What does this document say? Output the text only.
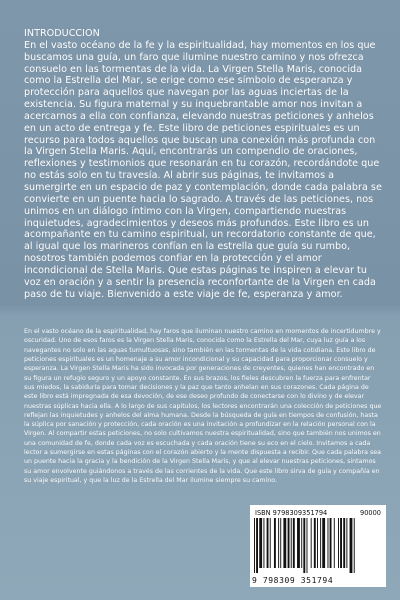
INTRODUCCION
En el vasto océano de la fe y la espiritualidad, hay momentos en los que buscamos una guía, un faro que ilumine nuestro camino y nos ofrezca consuelo en las tormentas de la vida. La Virgen Stella Maris, conocida como la Estrella del Mar, se erige como ese símbolo de esperanza y protección para aquellos que navegan por las aguas inciertas de la existencia. Su figura maternal y su inquebrantable amor nos invitan a acercarnos a ella con confianza, elevando nuestras peticiones y anhelos en un acto de entrega y fe. Este libro de peticiones espirituales es un recurso para todos aquellos que buscan una conexión más profunda con la Virgen Stella Maris. Aquí, encontrarás un compendio de oraciones, reflexiones y testimonios que resonarán en tu corazón, recordándote que no estás solo en tu travesía. Al abrir sus páginas, te invitamos a sumergirte en un espacio de paz y contemplación, donde cada palabra se convierte en un puente hacia lo sagrado. A través de las peticiones, nos unimos en un diálogo íntimo con la Virgen, compartiendo nuestras inquietudes, agradecimientos y deseos más profundos. Este libro es un acompañante en tu camino espiritual, un recordatorio constante de que, al igual que los marineros confían en la estrella que guía su rumbo, nosotros también podemos confiar en la protección y el amor incondicional de Stella Maris. Que estas páginas te inspiren a elevar tu voz en oración y a sentir la presencia reconfortante de la Virgen en cada paso de tu viaje. Bienvenido a este viaje de fe, esperanza y amor.
En el vasto océano de la espiritualidad, hay faros que iluminan nuestro camino en momentos de incertidumbre y oscuridad. Uno de esos faros es la Virgen Stella Maris, conocida como la Estrella del Mar, cuya luz guía a los navegantes no solo en las aguas tumultuosas, sino también en las tormentas de la vida cotidiana. Este libro de peticiones espirituales es un homenaje a su amor incondicional y su capacidad para proporcionar consuelo y esperanza. La Virgen Stella Maris ha sido invocada por generaciones de creyentes, quienes han encontrado en su figura un refugio seguro y un apoyo constante. En sus brazos, los fieles descubren la fuerza para enfrentar sus miedos, la sabiduría para tomar decisiones y la paz que tanto anhelan en sus corazones. Cada página de este libro está impregnada de esa devoción, de ese deseo profundo de conectarse con lo divino y de elevar nuestras súplicas hacia ella. A lo largo de sus capítulos, los lectores encontrarán una colección de peticiones que reflejan las inquietudes y anhelos del alma humana. Desde la búsqueda de guía en tiempos de confusión, hasta la súplica por sanación y protección, cada oración es una invitación a profundizar en la relación personal con la Virgen. Al compartir estas peticiones, no solo cultivamos nuestra espiritualidad, sino que también nos unimos en una comunidad de fe, donde cada voz es escuchada y cada oración tiene su eco en el cielo. Invitamos a cada lector a sumergirse en estas páginas con el corazón abierto y la mente dispuesta a recibir. Que cada palabra sea un puente hacia la gracia y la bendición de la Virgen Stella Maris, y que al elevar nuestras peticiones, sintamos su amor envolvente guiándonos a través de las corrientes de la vida. Que este libro sirva de guía y compañía en su viaje espiritual, y que la luz de la Estrella del Mar ilumine siempre su camino.
ISBN 9798309351794	90000
9 798309 351794
